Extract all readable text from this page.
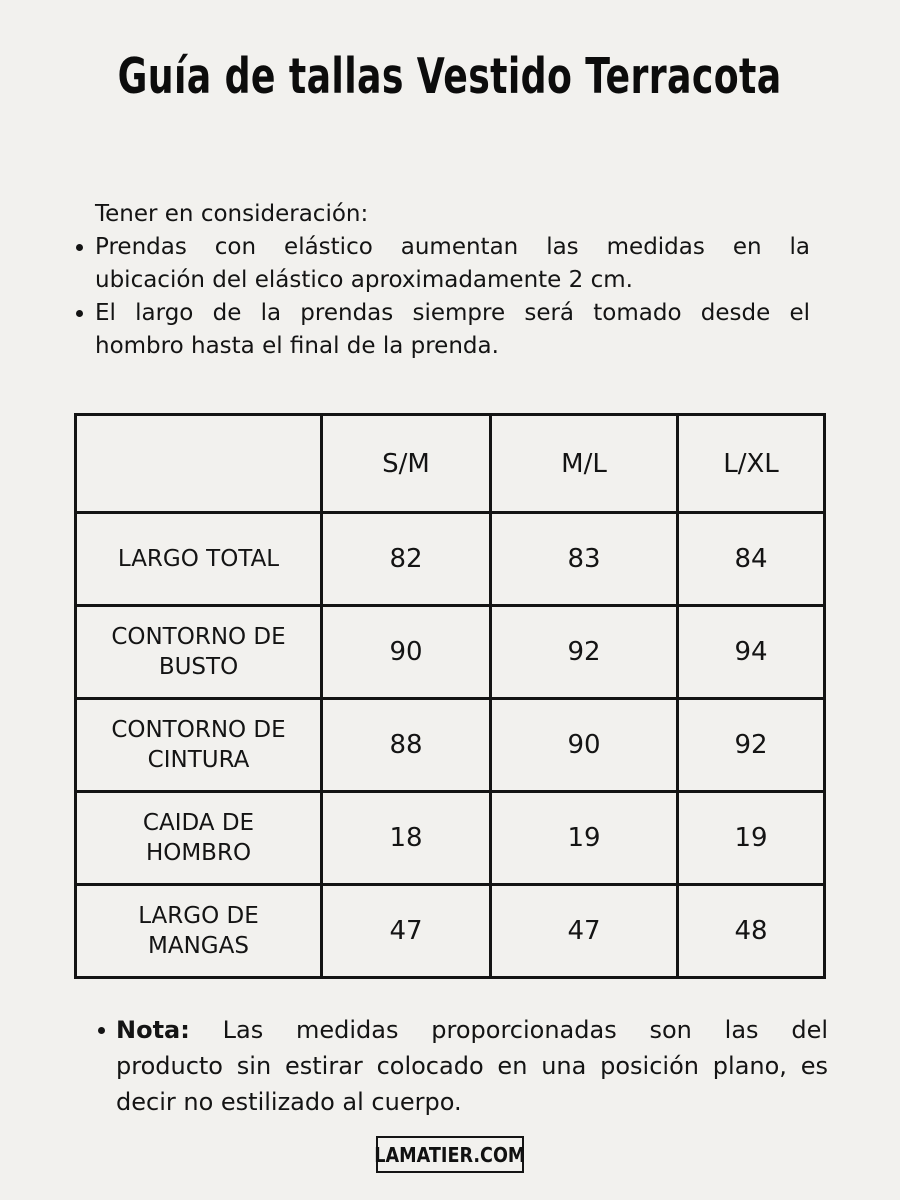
Guía de tallas Vestido Terracota
Tener en consideración:
Prendas con elástico aumentan las medidas en la
ubicación del elástico aproximadamente 2 cm.
El largo de la prendas siempre será tomado desde el
hombro hasta el final de la prenda.
	S/M	M/L	L/XL

LARGO TOTAL	82	83	84

CONTORNO DE
BUSTO	90	92	94

CONTORNO DE
CINTURA	88	90	92

CAIDA DE
HOMBRO	18	19	19

LARGO DE
MANGAS	47	47	48
Nota: Las medidas proporcionadas son las del
producto sin estirar colocado en una posición plano, es
decir no estilizado al cuerpo.
LAMATIER.COM
